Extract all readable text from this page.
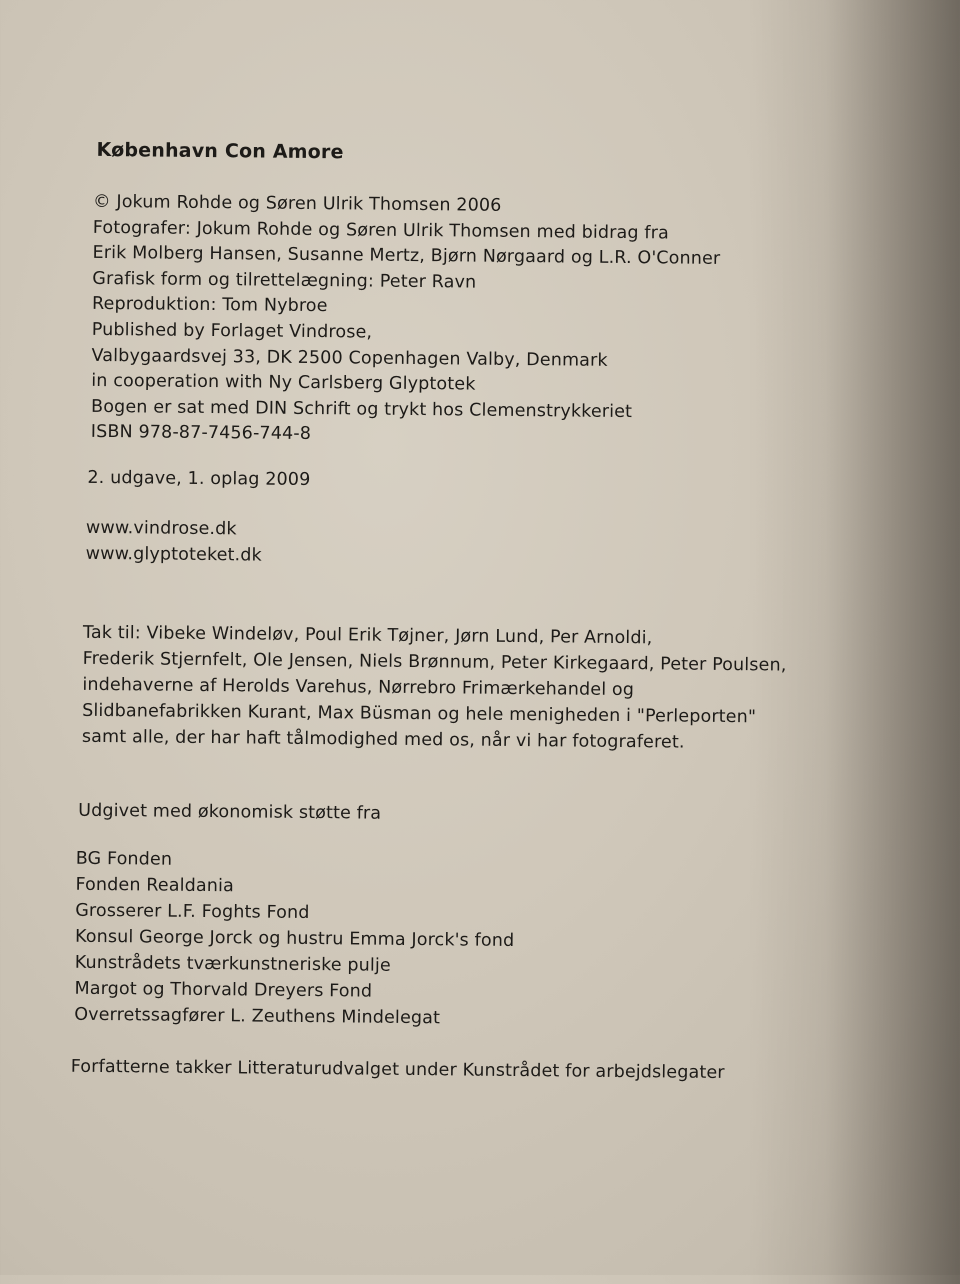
København Con Amore
© Jokum Rohde og Søren Ulrik Thomsen 2006
Fotografer: Jokum Rohde og Søren Ulrik Thomsen med bidrag fra
Erik Molberg Hansen, Susanne Mertz, Bjørn Nørgaard og L.R. O'Conner
Grafisk form og tilrettelægning: Peter Ravn
Reproduktion: Tom Nybroe
Published by Forlaget Vindrose,
Valbygaardsvej 33, DK 2500 Copenhagen Valby, Denmark
in cooperation with Ny Carlsberg Glyptotek
Bogen er sat med DIN Schrift og trykt hos Clemenstrykkeriet
ISBN 978-87-7456-744-8
2. udgave, 1. oplag 2009
www.vindrose.dk
www.glyptoteket.dk
Tak til: Vibeke Windeløv, Poul Erik Tøjner, Jørn Lund, Per Arnoldi,
Frederik Stjernfelt, Ole Jensen, Niels Brønnum, Peter Kirkegaard, Peter Poulsen,
indehaverne af Herolds Varehus, Nørrebro Frimærkehandel og
Slidbanefabrikken Kurant, Max Büsman og hele menigheden i "Perleporten"
samt alle, der har haft tålmodighed med os, når vi har fotograferet.
Udgivet med økonomisk støtte fra
BG Fonden
Fonden Realdania
Grosserer L.F. Foghts Fond
Konsul George Jorck og hustru Emma Jorck's fond
Kunstrådets tværkunstneriske pulje
Margot og Thorvald Dreyers Fond
Overretssagfører L. Zeuthens Mindelegat
Forfatterne takker Litteraturudvalget under Kunstrådet for arbejdslegater
